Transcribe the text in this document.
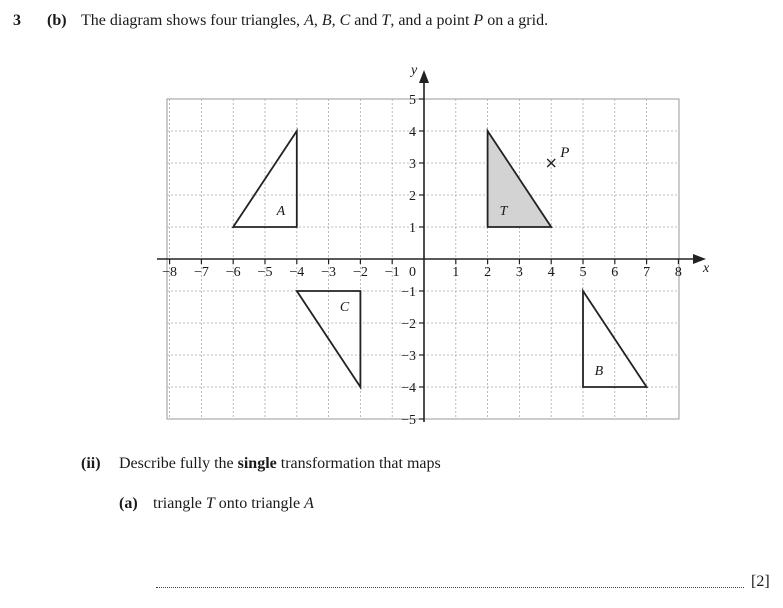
3 (b) The diagram shows four triangles, A, B, C and T, and a point P on a grid.
A	T
C
B
x
y
−8 −7 −6 −5 −4 −3 −2 −1	1 2 3 4 5 6 7 8
5
4
3
2
1
−1
−2
−3
−4
−5
0
P
(ii) Describe fully the single transformation that maps
(a) triangle T onto triangle A
[2]
